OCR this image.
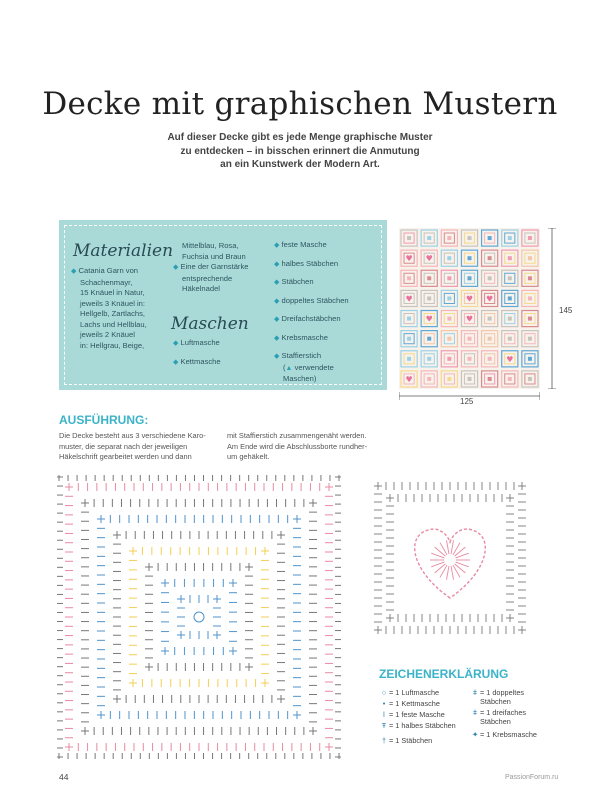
Decke mit graphischen Mustern
Auf dieser Decke gibt es jede Menge graphische Muster
zu entdecken – in bisschen erinnert die Anmutung
an ein Kunstwerk der Modern Art.
Materialien
◆ Catania Garn von
Schachenmayr,
15 Knäuel in Natur,
jeweils 3 Knäuel in:
Hellgelb, Zartlachs,
Lachs und Hellblau,
jeweils 2 Knäuel
in: Hellgrau, Beige,
Mittelblau, Rosa,
Fuchsia und Braun
◆ Eine der Garnstärke
entsprechende
Häkelnadel
Maschen
◆ Luftmasche
◆ Kettmasche
◆ feste Masche
◆ halbes Stäbchen
◆ Stäbchen
◆ doppeltes Stäbchen
◆ Dreifachstäbchen
◆ Krebsmasche
◆ Staffierstich
(▲ verwendete
Maschen)
♥ ♥
♥	♥ ♥
♥	♥
♥
♥
145
125
AUSFÜHRUNG:
Die Decke besteht aus 3 verschiedene Karo-
muster, die separat nach der jeweiligen
Häkelschrift gearbeitet werden und dann
mit Staffierstich zusammengenäht werden.
Am Ende wird die Abschlussborte rundher-
um gehäkelt.
ZEICHENERKLÄRUNG
○ = 1 Luftmasche
• = 1 Kettmasche
ǀ = 1 feste Masche
Ŧ = 1 halbes Stäbchen
† = 1 Stäbchen
ǂ = 1 doppeltes
Stäbchen
ǂ = 1 dreifaches
Stäbchen
✦ = 1 Krebsmasche
44	PassionForum.ru
